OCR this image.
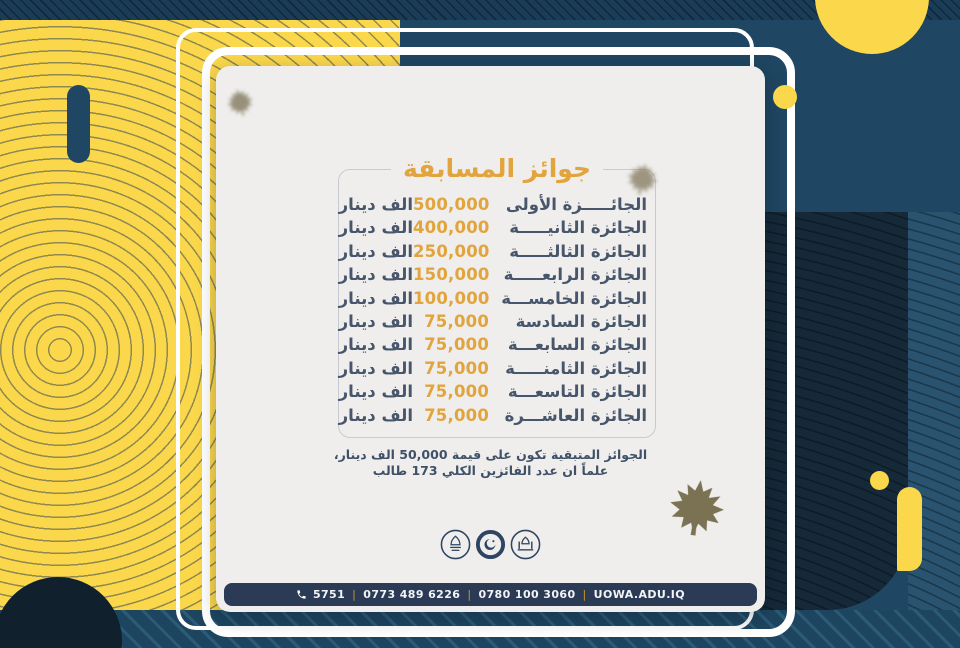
جوائز المسابقة
الجائـــــزة الأولى
500,000
الف دينار
الجائزة الثانيـــــة
400,000
الف دينار
الجائزة الثالثـــــة
250,000
الف دينار
الجائزة الرابعـــــة
150,000
الف دينار
الجائزة الخامســـة
100,000
الف دينار
الجائزة السادسة
75,000
الف دينار
الجائزة السابعـــة
75,000
الف دينار
الجائزة الثامنـــــة
75,000
الف دينار
الجائزة التاسعـــة
75,000
الف دينار
الجائزة العاشـــرة
75,000
الف دينار
الجوائز المتبقية تكون على قيمة 50,000 الف دينار،
علماً ان عدد الفائزين الكلي 173 طالب
5751 | 0773 489 6226 | 0780 100 3060 | UOWA.ADU.IQ
